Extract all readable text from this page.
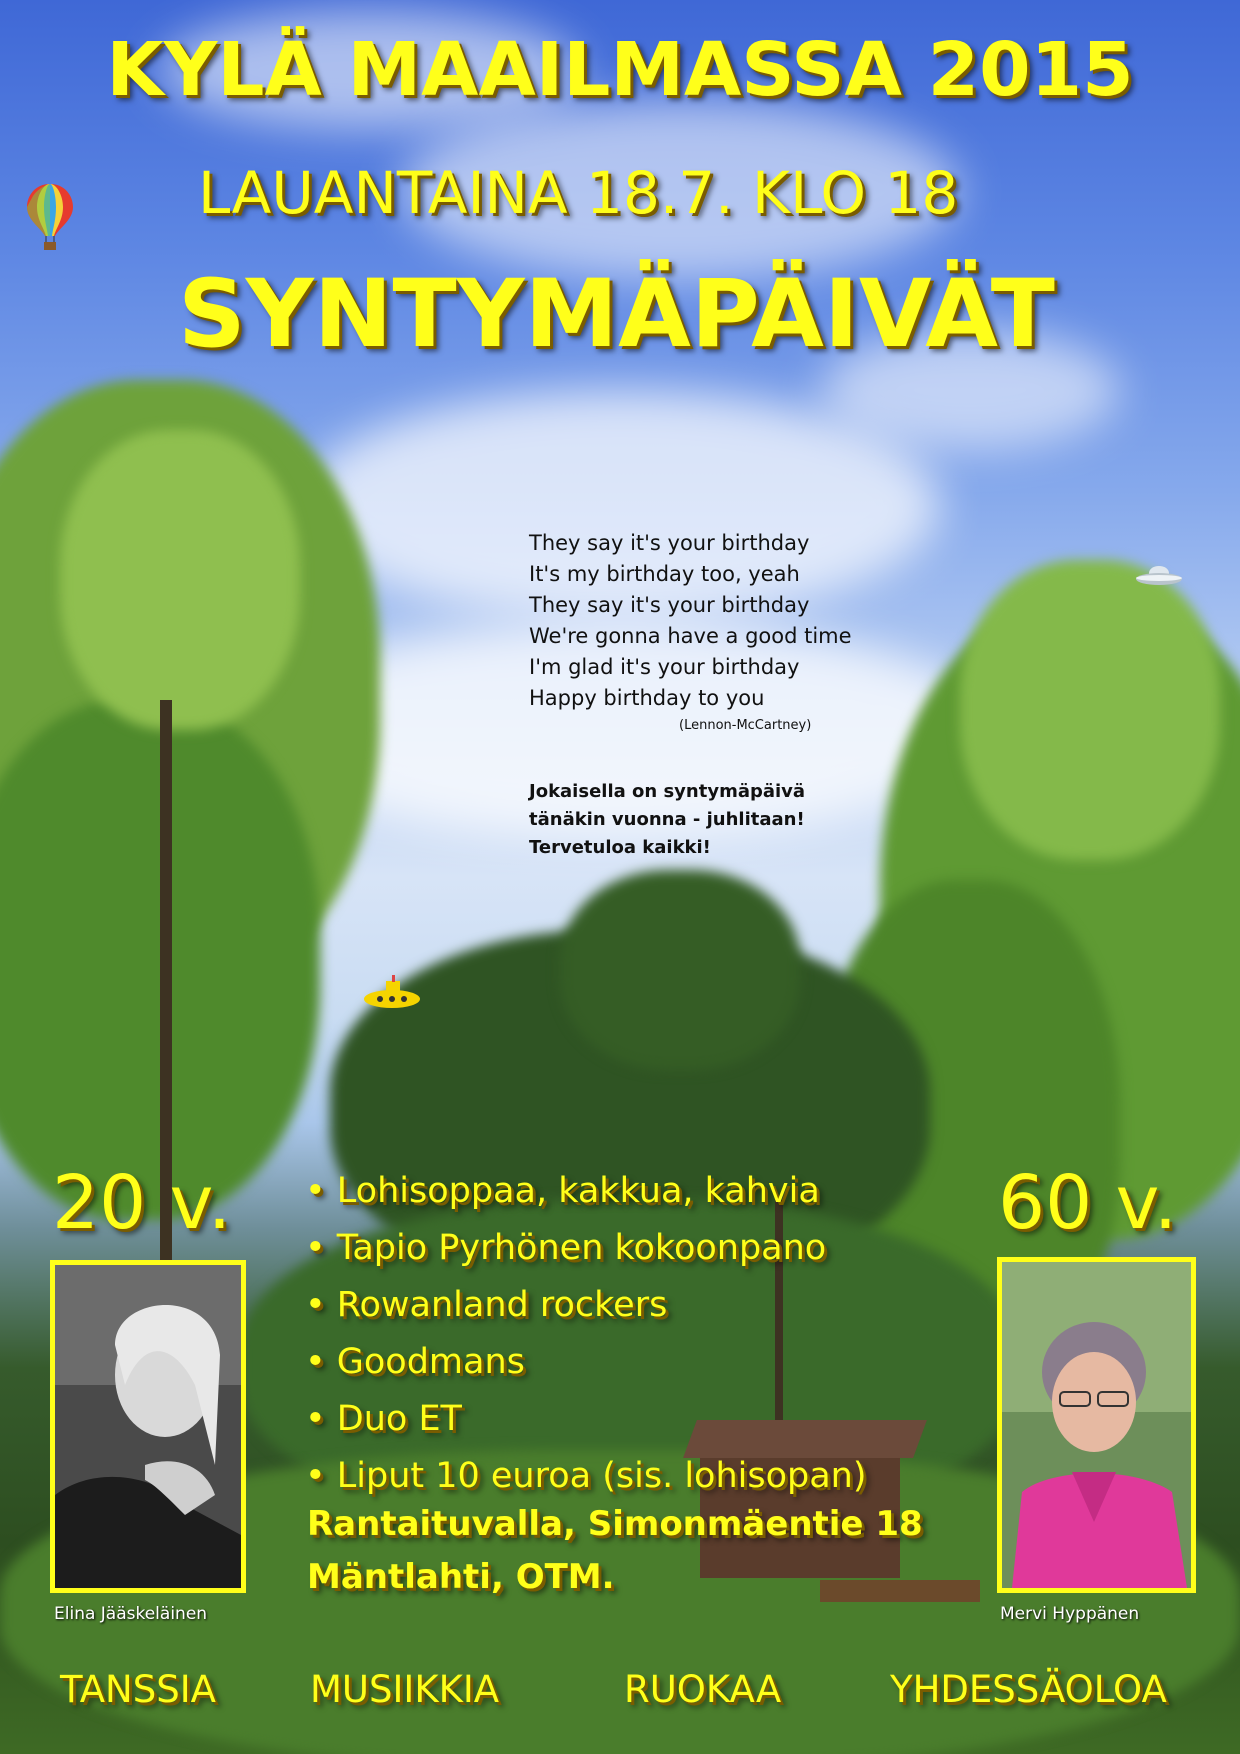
KYLÄ MAAILMASSA 2015
LAUANTAINA 18.7. KLO 18
SYNTYMÄPÄIVÄT
They say it's your birthday
It's my birthday too, yeah
They say it's your birthday
We're gonna have a good time
I'm glad it's your birthday
Happy birthday to you
(Lennon-McCartney)
Jokaisella on syntymäpäivä
tänäkin vuonna - juhlitaan!
Tervetuloa kaikki!
20 v.
Elina Jääskeläinen
60 v.
Mervi Hyppänen
• Lohisoppaa, kakkua, kahvia
• Tapio Pyrhönen kokoonpano
• Rowanland rockers
• Goodmans
• Duo ET
• Liput 10 euroa (sis. lohisopan)
Rantaituvalla, Simonmäentie 18
Mäntlahti, OTM.
TANSSIA	MUSIIKKIA	RUOKAA	YHDESSÄOLOA
